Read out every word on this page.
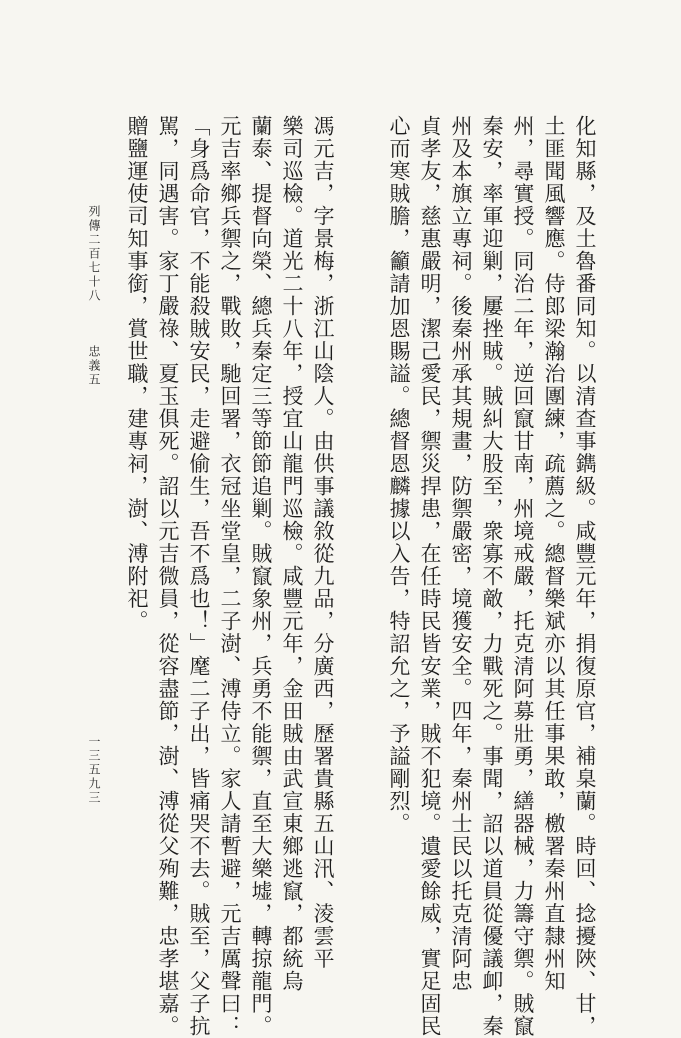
化知縣，及土魯番同知。以清查事鐫級。咸豐元年，捐復原官，補臬蘭。時回、捻擾陜、甘，
土匪聞風響應。侍郎梁瀚治團練，疏薦之。總督樂斌亦以其任事果敢，檄署秦州直隸州知
州，尋實授。同治二年，逆回竄甘南，州境戒嚴，托克清阿募壯勇，繕器械，力籌守禦。賊竄
秦安，率軍迎剿，屢挫賊。賊糾大股至，衆寡不敵，力戰死之。事聞，詔以道員從優議卹，秦
州及本旗立專祠。後秦州承其規畫，防禦嚴密，境獲安全。四年，秦州士民以托克清阿忠
貞孝友，慈惠嚴明，潔己愛民，禦災捍患，在任時民皆安業，賊不犯境。遺愛餘威，實足固民
心而寒賊膽，籲請加恩賜謚。總督恩麟據以入告，特詔允之，予謚剛烈。
馮元吉，字景梅，浙江山陰人。由供事議敘從九品，分廣西，歷署貴縣五山汛、淩雲平
樂司巡檢。道光二十八年，授宜山龍門巡檢。咸豐元年，金田賊由武宣東鄉逃竄，都統烏
蘭泰、提督向榮、總兵秦定三等節節追剿。賊竄象州，兵勇不能禦，直至大樂墟，轉掠龍門。
元吉率鄉兵禦之，戰敗，馳回署，衣冠坐堂皇，二子澍、溥侍立。家人請暫避，元吉厲聲曰：
「身爲命官，不能殺賊安民，走避偷生，吾不爲也！」麾二子出，皆痛哭不去。賊至，父子抗
駡，同遇害。家丁嚴祿、夏玉俱死。詔以元吉微員，從容盡節，澍、溥從父殉難，忠孝堪嘉。
贈鹽運使司知事銜，賞世職，建專祠，澍、溥附祀。
列傳二百七十八
忠義五
一三五九三
